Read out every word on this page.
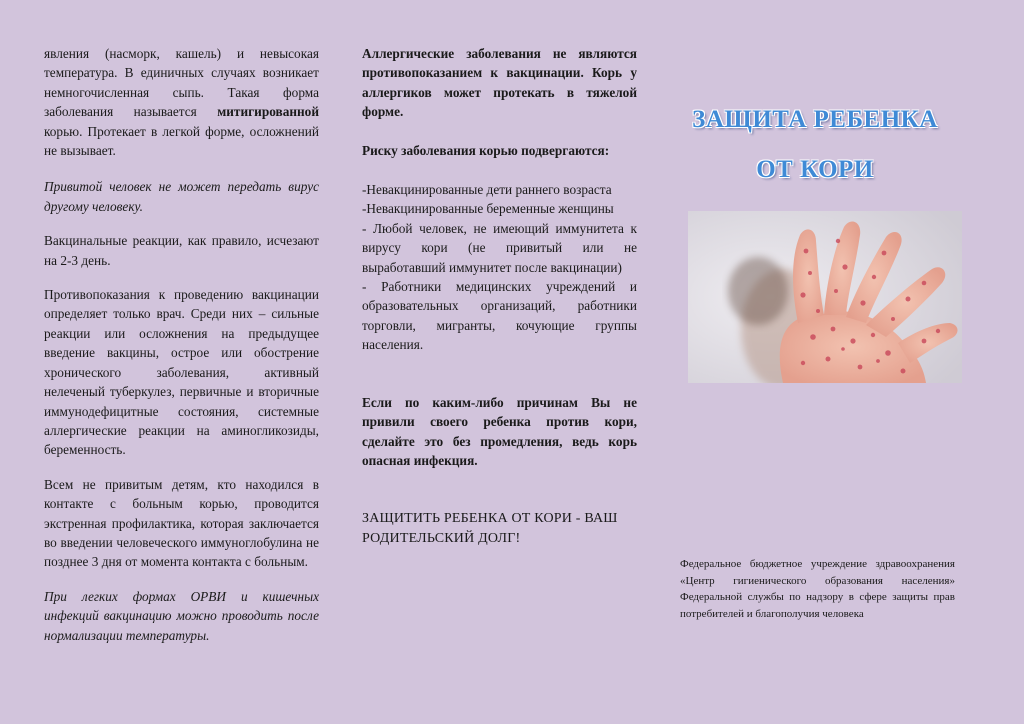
явления (насморк, кашель) и невысокая температура. В единичных случаях возникает немногочисленная сыпь. Такая форма заболевания называется митигированной корью. Протекает в легкой форме, осложнений не вызывает.

Привитой человек не может передать вирус другому человеку.

Вакцинальные реакции, как правило, исчезают на 2-3 день.

Противопоказания к проведению вакцинации определяет только врач. Среди них – сильные реакции или осложнения на предыдущее введение вакцины, острое или обострение хронического заболевания, активный нелеченый туберкулез, первичные и вторичные иммунодефицитные состояния, системные аллергические реакции на аминогликозиды, беременность.

Всем не привитым детям, кто находился в контакте с больным корью, проводится экстренная профилактика, которая заключается во введении человеческого иммуноглобулина не позднее 3 дня от момента контакта с больным.

При легких формах ОРВИ и кишечных инфекций вакцинацию можно проводить после нормализации температуры.

Аллергические заболевания не являются противопоказанием к вакцинации. Корь у аллергиков может протекать в тяжелой форме.

Риску заболевания корью подвергаются:

-Невакцинированные дети раннего возраста

-Невакцинированные беременные женщины

- Любой человек, не имеющий иммунитета к вирусу кори (не привитый или не выработавший иммунитет после вакцинации)

- Работники медицинских учреждений и образовательных организаций, работники торговли, мигранты, кочующие группы населения.

Если по каким-либо причинам Вы не привили своего ребенка против кори, сделайте это без промедления, ведь корь опасная инфекция.

ЗАЩИТИТЬ РЕБЕНКА ОТ КОРИ - ВАШ РОДИТЕЛЬСКИЙ ДОЛГ!

ЗАЩИТА РЕБЕНКА
ОТ КОРИ
Федеральное бюджетное учреждение здравоохранения «Центр гигиенического образования населения» Федеральной службы по надзору в сфере защиты прав потребителей и благополучия человека
